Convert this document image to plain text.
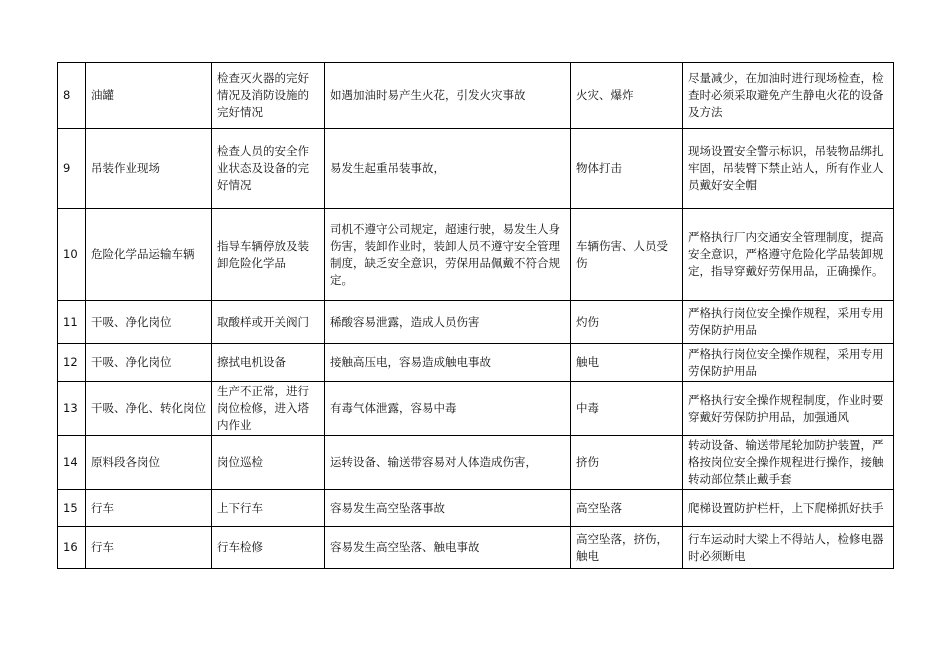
8	油罐	检查灭火器的完好情况及消防设施的完好情况	如遇加油时易产生火花，引发火灾事故	火灾、爆炸	尽量减少，在加油时进行现场检查，检查时必须采取避免产生静电火花的设备及方法
9	吊装作业现场	检查人员的安全作业状态及设备的完好情况	易发生起重吊装事故，	物体打击	现场设置安全警示标识，吊装物品绑扎牢固，吊装臂下禁止站人，所有作业人员戴好安全帽
10	危险化学品运输车辆	指导车辆停放及装卸危险化学品	司机不遵守公司规定，超速行驶，易发生人身伤害，装卸作业时，装卸人员不遵守安全管理制度，缺乏安全意识，劳保用品佩戴不符合规定。	车辆伤害、人员受伤	严格执行厂内交通安全管理制度，提高安全意识，严格遵守危险化学品装卸规定，指导穿戴好劳保用品，正确操作。
11	干吸、净化岗位	取酸样或开关阀门	稀酸容易泄露，造成人员伤害	灼伤	严格执行岗位安全操作规程，采用专用劳保防护用品
12	干吸、净化岗位	擦拭电机设备	接触高压电，容易造成触电事故	触电	严格执行岗位安全操作规程，采用专用劳保防护用品
13	干吸、净化、转化岗位	生产不正常，进行岗位检修，进入塔内作业	有毒气体泄露，容易中毒	中毒	严格执行安全操作规程制度，作业时要穿戴好劳保防护用品，加强通风
14	原料段各岗位	岗位巡检	运转设备、输送带容易对人体造成伤害，	挤伤	转动设备、输送带尾轮加防护装置，严格按岗位安全操作规程进行操作，接触转动部位禁止戴手套
15	行车	上下行车	容易发生高空坠落事故	高空坠落	爬梯设置防护栏杆，上下爬梯抓好扶手
16	行车	行车检修	容易发生高空坠落、触电事故	高空坠落，挤伤，触电	行车运动时大梁上不得站人，检修电器时必须断电
